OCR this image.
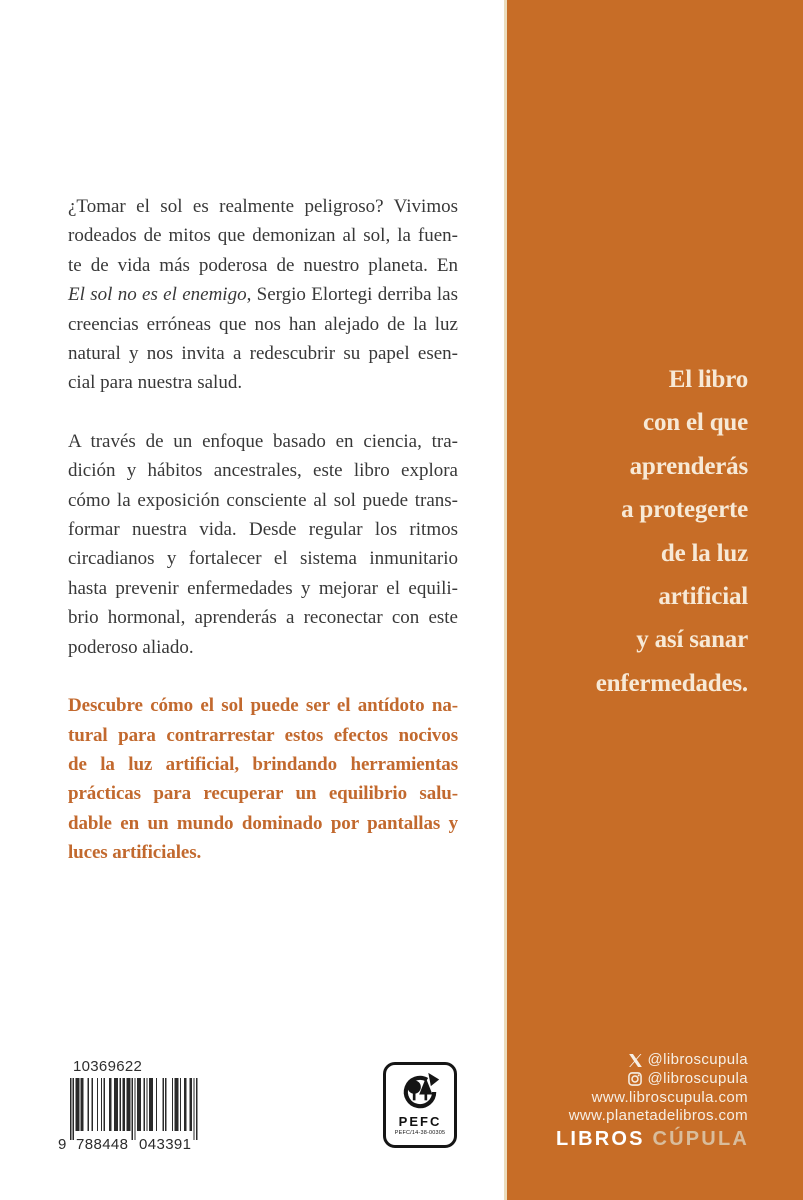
¿Tomar el sol es realmente peligroso? Vivimos
rodeados de mitos que demonizan al sol, la fuen-
te de vida más poderosa de nuestro planeta. En
El sol no es el enemigo, Sergio Elortegi derriba las
creencias erróneas que nos han alejado de la luz
natural y nos invita a redescubrir su papel esen-
cial para nuestra salud.
A través de un enfoque basado en ciencia, tra-
dición y hábitos ancestrales, este libro explora
cómo la exposición consciente al sol puede trans-
formar nuestra vida. Desde regular los ritmos
circadianos y fortalecer el sistema inmunitario
hasta prevenir enfermedades y mejorar el equili-
brio hormonal, aprenderás a reconectar con este
poderoso aliado.
Descubre cómo el sol puede ser el antídoto na-
tural para contrarrestar estos efectos nocivos
de la luz artificial, brindando herramientas
prácticas para recuperar un equilibrio salu-
dable en un mundo dominado por pantallas y
luces artificiales.
El libro
con el que
aprenderás
a protegerte
de la luz
artificial
y así sanar
enfermedades.
@libroscupula
@libroscupula
www.libroscupula.com
www.planetadelibros.com
LIBROS CÚPULA
10369622
9 788448 043391
PEFC
PEFC/14-38-00305
